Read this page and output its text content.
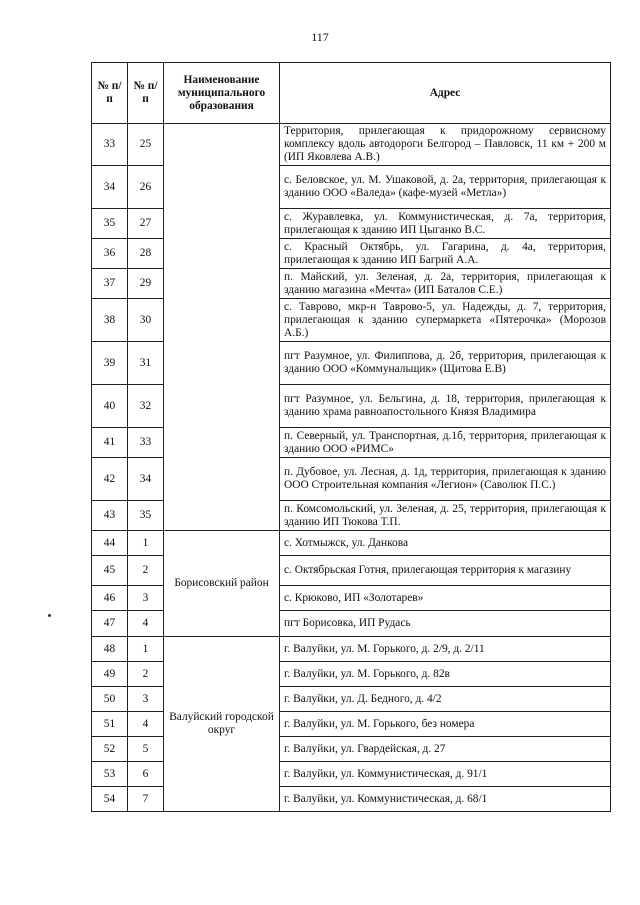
117
№ п/п	№ п/п	Наименование муниципального образования	Адрес
33	25		Территория, прилегающая к придорожному сервисному комплексу вдоль автодороги Белгород – Павловск, 11 км + 200 м (ИП Яковлева А.В.)
34	26		с. Беловское, ул. М. Ушаковой, д. 2а, территория, прилегающая к зданию ООО «Валеда» (кафе-музей «Метла»)
35	27		с. Журавлевка, ул. Коммунистическая, д. 7а, территория, прилегающая к зданию ИП Цыганко В.С.
36	28		с. Красный Октябрь, ул. Гагарина, д. 4а, территория, прилегающая к зданию ИП Багрий А.А.
37	29		п. Майский, ул. Зеленая, д. 2а, территория, прилегающая к зданию магазина «Мечта» (ИП Баталов С.Е.)
38	30		с. Таврово, мкр-н Таврово-5, ул. Надежды, д. 7, территория, прилегающая к зданию супермаркета «Пятерочка» (Морозов А.Б.)
39	31		пгт Разумное, ул. Филиппова, д. 2б, территория, прилегающая к зданию ООО «Коммунальщик» (Щитова Е.В)
40	32		пгт Разумное, ул. Бельгина, д. 18, территория, прилегающая к зданию храма равноапостольного Князя Владимира
41	33		п. Северный, ул. Транспортная, д.1б, территория, прилегающая к зданию ООО «РИМС»
42	34		п. Дубовое, ул. Лесная, д. 1д, территория, прилегающая к зданию ООО Строительная компания «Легион» (Саволюк П.С.)
43	35		п. Комсомольский, ул. Зеленая, д. 25, территория, прилегающая к зданию ИП Тюкова Т.П.
44	1	Борисовский район	с. Хотмыжск, ул. Данкова
45	2		с. Октябрьская Готня, прилегающая территория к магазину
46	3		с. Крюково, ИП «Золотарев»
47	4		пгт Борисовка, ИП Рудась
48	1	Валуйский городской округ	г. Валуйки, ул. М. Горького, д. 2/9, д. 2/11
49	2		г. Валуйки, ул. М. Горького, д. 82в
50	3		г. Валуйки, ул. Д. Бедного, д. 4/2
51	4		г. Валуйки, ул. М. Горького, без номера
52	5		г. Валуйки, ул. Гвардейская, д. 27
53	6		г. Валуйки, ул. Коммунистическая, д. 91/1
54	7		г. Валуйки, ул. Коммунистическая, д. 68/1
